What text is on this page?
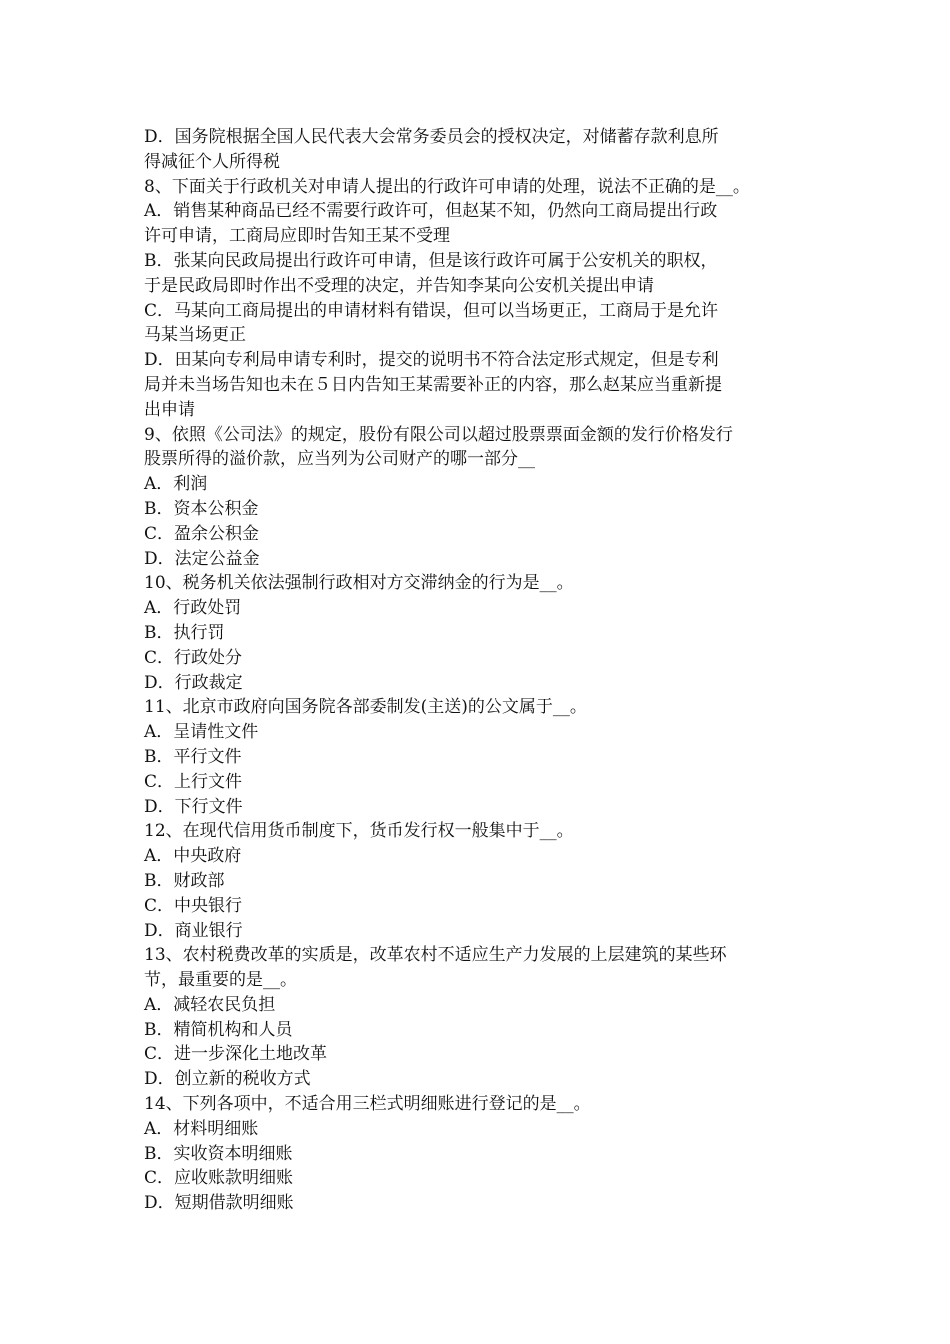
D．国务院根据全国人民代表大会常务委员会的授权决定，对储蓄存款利息所
得减征个人所得税
8、下面关于行政机关对申请人提出的行政许可申请的处理，说法不正确的是__。
A．销售某种商品已经不需要行政许可，但赵某不知，仍然向工商局提出行政
许可申请，工商局应即时告知王某不受理
B．张某向民政局提出行政许可申请，但是该行政许可属于公安机关的职权，
于是民政局即时作出不受理的决定，并告知李某向公安机关提出申请
C．马某向工商局提出的申请材料有错误，但可以当场更正，工商局于是允许
马某当场更正
D．田某向专利局申请专利时，提交的说明书不符合法定形式规定，但是专利
局并未当场告知也未在５日内告知王某需要补正的内容，那么赵某应当重新提
出申请
9、依照《公司法》的规定，股份有限公司以超过股票票面金额的发行价格发行
股票所得的溢价款，应当列为公司财产的哪一部分__
A．利润
B．资本公积金
C．盈余公积金
D．法定公益金
10、税务机关依法强制行政相对方交滞纳金的行为是__。
A．行政处罚
B．执行罚
C．行政处分
D．行政裁定
11、北京市政府向国务院各部委制发(主送)的公文属于__。
A．呈请性文件
B．平行文件
C．上行文件
D．下行文件
12、在现代信用货币制度下，货币发行权一般集中于__。
A．中央政府
B．财政部
C．中央银行
D．商业银行
13、农村税费改革的实质是，改革农村不适应生产力发展的上层建筑的某些环
节，最重要的是__。
A．减轻农民负担
B．精简机构和人员
C．进一步深化土地改革
D．创立新的税收方式
14、下列各项中，不适合用三栏式明细账进行登记的是__。
A．材料明细账
B．实收资本明细账
C．应收账款明细账
D．短期借款明细账
